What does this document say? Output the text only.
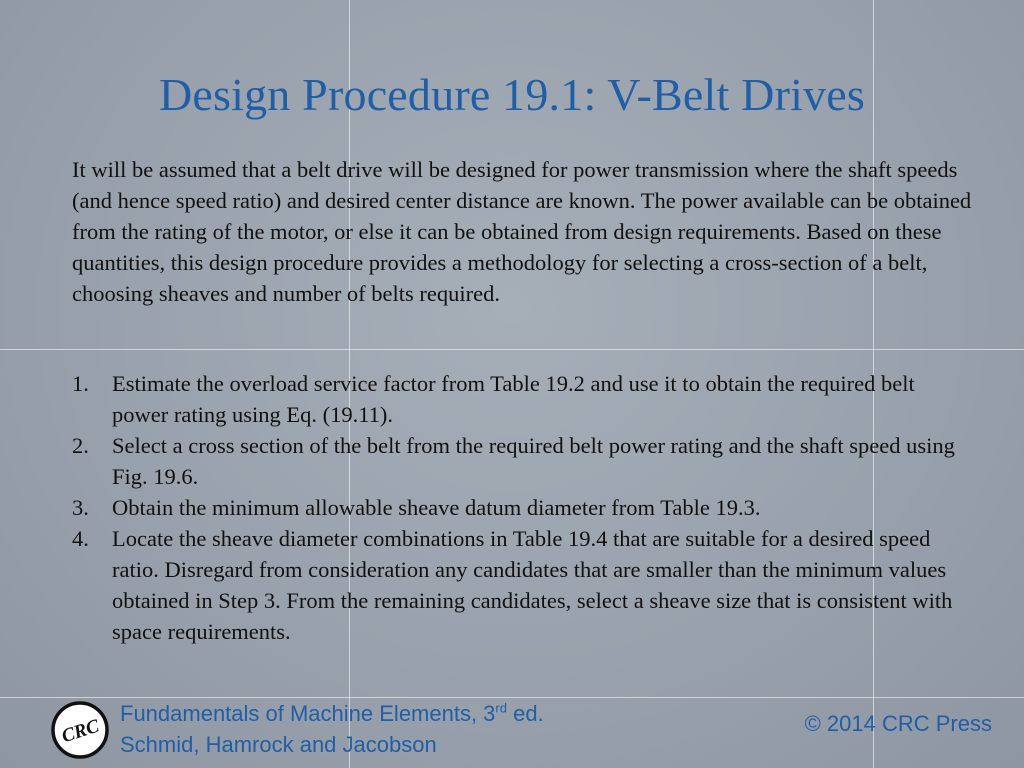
Design Procedure 19.1: V-Belt Drives
It will be assumed that a belt drive will be designed for power transmission where the shaft speeds (and hence speed ratio) and desired center distance are known. The power available can be obtained from the rating of the motor, or else it can be obtained from design requirements. Based on these quantities, this design procedure provides a methodology for selecting a cross-section of a belt, choosing sheaves and number of belts required.
1. Estimate the overload service factor from Table 19.2 and use it to obtain the required belt power rating using Eq. (19.11).
2. Select a cross section of the belt from the required belt power rating and the shaft speed using Fig. 19.6.
3. Obtain the minimum allowable sheave datum diameter from Table 19.3.
4. Locate the sheave diameter combinations in Table 19.4 that are suitable for a desired speed ratio. Disregard from consideration any candidates that are smaller than the minimum values obtained in Step 3. From the remaining candidates, select a sheave size that is consistent with space requirements.
CRC
Fundamentals of Machine Elements, 3rd ed.
Schmid, Hamrock and Jacobson
© 2014 CRC Press
